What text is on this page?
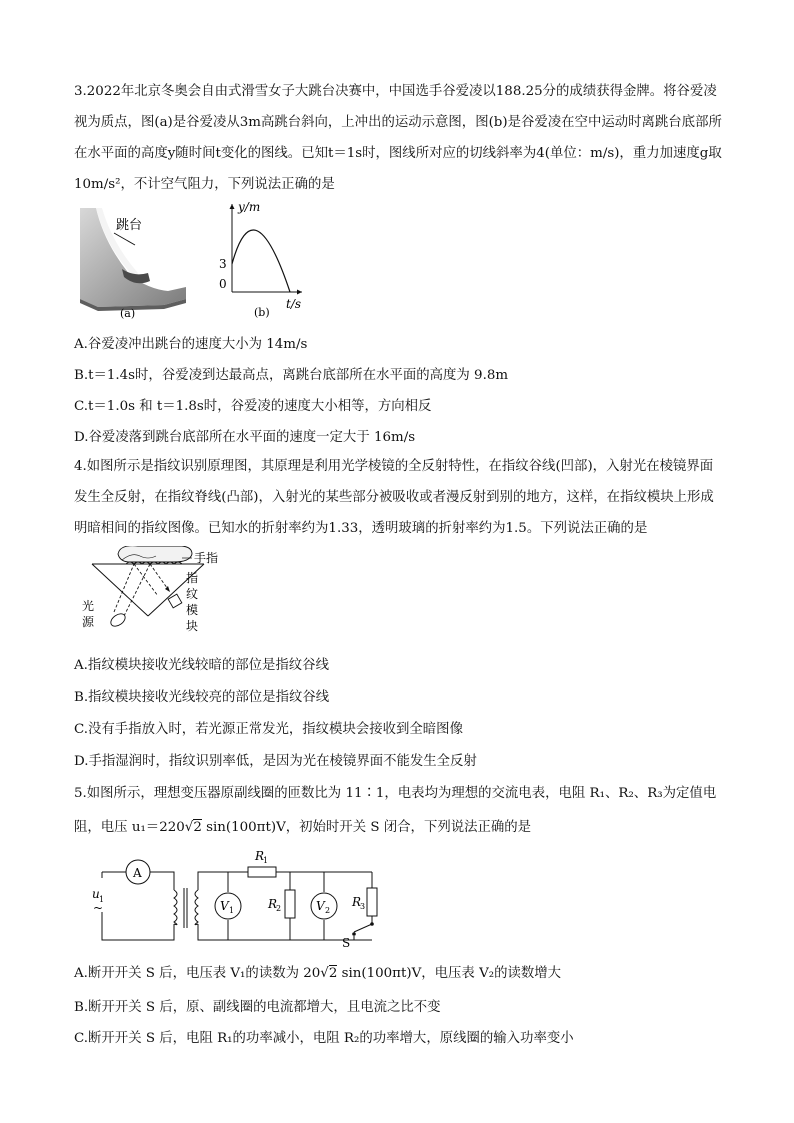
3.2022年北京冬奥会自由式滑雪女子大跳台决赛中，中国选手谷爱凌以188.25分的成绩获得金牌。将谷爱凌视为质点，图(a)是谷爱凌从3m高跳台斜向，上冲出的运动示意图，图(b)是谷爱凌在空中运动时离跳台底部所在水平面的高度y随时间t变化的图线。已知t＝1s时，图线所对应的切线斜率为4(单位：m/s)，重力加速度g取10m/s²，不计空气阻力，下列说法正确的是
跳台
(a)
y/m
3
0
t/s
(b)
A.谷爱凌冲出跳台的速度大小为 14m/s
B.t＝1.4s时，谷爱凌到达最高点，离跳台底部所在水平面的高度为 9.8m
C.t＝1.0s 和 t＝1.8s时，谷爱凌的速度大小相等，方向相反
D.谷爱凌落到跳台底部所在水平面的速度一定大于 16m/s
4.如图所示是指纹识别原理图，其原理是利用光学棱镜的全反射特性，在指纹谷线(凹部)，入射光在棱镜界面发生全反射，在指纹脊线(凸部)，入射光的某些部分被吸收或者漫反射到别的地方，这样，在指纹模块上形成明暗相间的指纹图像。已知水的折射率约为1.33，透明玻璃的折射率约为1.5。下列说法正确的是
手指
光
源
指
纹
模
块
A.指纹模块接收光线较暗的部位是指纹谷线
B.指纹模块接收光线较亮的部位是指纹谷线
C.没有手指放入时，若光源正常发光，指纹模块会接收到全暗图像
D.手指湿润时，指纹识别率低，是因为光在棱镜界面不能发生全反射
5.如图所示，理想变压器原副线圈的匝数比为 11∶1，电表均为理想的交流电表，电阻 R₁、R₂、R₃为定值电
阻，电压 u₁＝220√2 sin(100πt)V，初始时开关 S 闭合，下列说法正确的是
A
u 1
~
R
1
V 1	R
2	V 2
R
3
S
A.断开开关 S 后，电压表 V₁的读数为 20√2 sin(100πt)V，电压表 V₂的读数增大
B.断开开关 S 后，原、副线圈的电流都增大，且电流之比不变
C.断开开关 S 后，电阻 R₁的功率减小，电阻 R₂的功率增大，原线圈的输入功率变小
